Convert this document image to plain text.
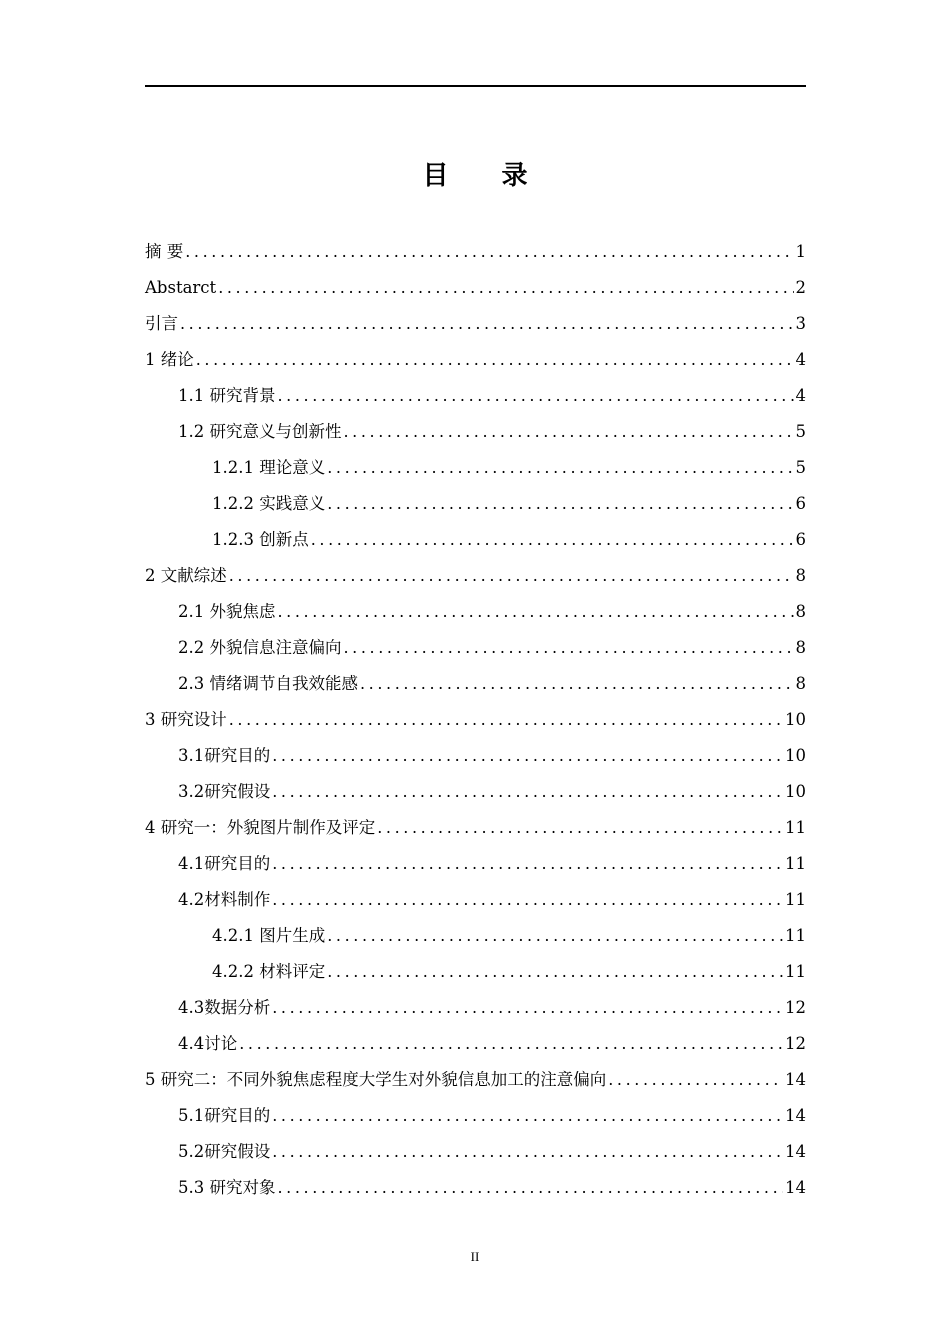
目 录
摘 要 .....	1
Abstarct .....	2
引言 .....	3
1 绪论 .....	4
1.1 研究背景 .....	4
1.2 研究意义与创新性 .....	5
1.2.1 理论意义 .....	5
1.2.2 实践意义 .....	6
1.2.3 创新点 .....	6
2 文献综述 .....	8
2.1 外貌焦虑 .....	8
2.2 外貌信息注意偏向 .....	8
2.3 情绪调节自我效能感 .....	8
3 研究设计 .....	10
3.1研究目的 .....	10
3.2研究假设 .....	10
4 研究一：外貌图片制作及评定 .....	11
4.1研究目的 .....	11
4.2材料制作 .....	11
4.2.1 图片生成 .....	11
4.2.2 材料评定 .....	11
4.3数据分析 .....	12
4.4讨论 .....	12
5 研究二：不同外貌焦虑程度大学生对外貌信息加工的注意偏向 .....	14
5.1研究目的 .....	14
5.2研究假设 .....	14
5.3 研究对象 .....	14
II
